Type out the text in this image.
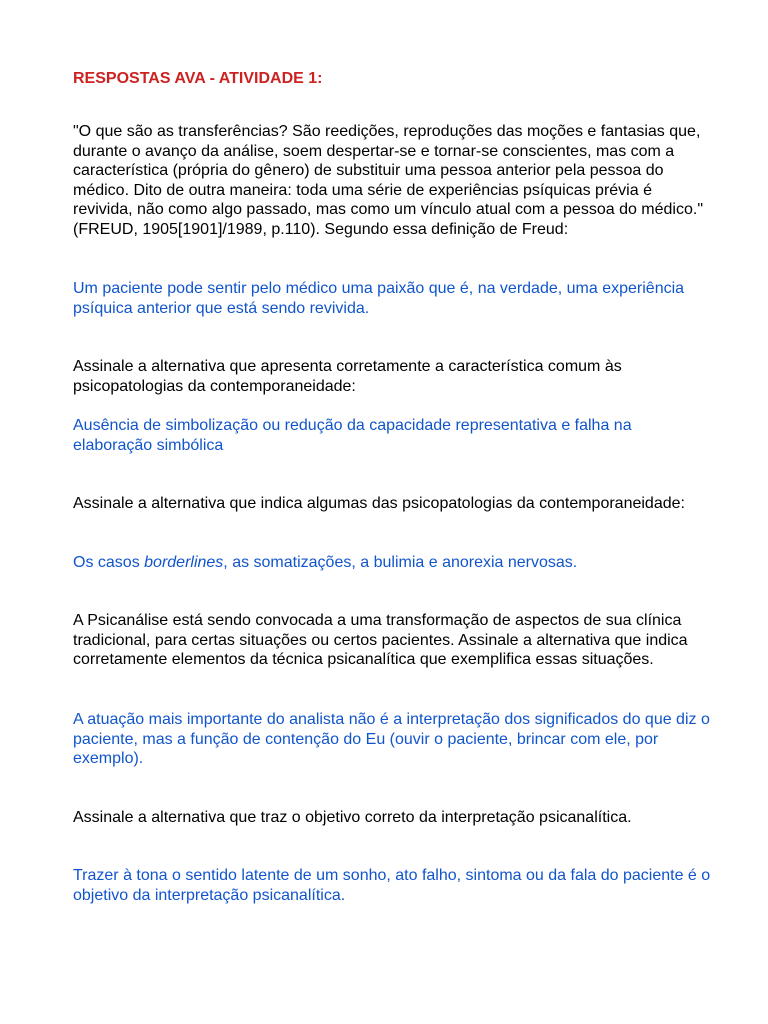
RESPOSTAS AVA - ATIVIDADE 1:

"O que são as transferências? São reedições, reproduções das moções e fantasias que, durante o avanço da análise, soem despertar-se e tornar-se conscientes, mas com a característica (própria do gênero) de substituir uma pessoa anterior pela pessoa do médico. Dito de outra maneira: toda uma série de experiências psíquicas prévia é revivida, não como algo passado, mas como um vínculo atual com a pessoa do médico." (FREUD, 1905[1901]/1989, p.110). Segundo essa definição de Freud:

Um paciente pode sentir pelo médico uma paixão que é, na verdade, uma experiência psíquica anterior que está sendo revivida.

Assinale a alternativa que apresenta corretamente a característica comum às psicopatologias da contemporaneidade:

Ausência de simbolização ou redução da capacidade representativa e falha na elaboração simbólica

Assinale a alternativa que indica algumas das psicopatologias da contemporaneidade:

Os casos borderlines, as somatizações, a bulimia e anorexia nervosas.

A Psicanálise está sendo convocada a uma transformação de aspectos de sua clínica tradicional, para certas situações ou certos pacientes. Assinale a alternativa que indica corretamente elementos da técnica psicanalítica que exemplifica essas situações.

A atuação mais importante do analista não é a interpretação dos significados do que diz o paciente, mas a função de contenção do Eu (ouvir o paciente, brincar com ele, por exemplo).

Assinale a alternativa que traz o objetivo correto da interpretação psicanalítica.

Trazer à tona o sentido latente de um sonho, ato falho, sintoma ou da fala do paciente é o objetivo da interpretação psicanalítica.
